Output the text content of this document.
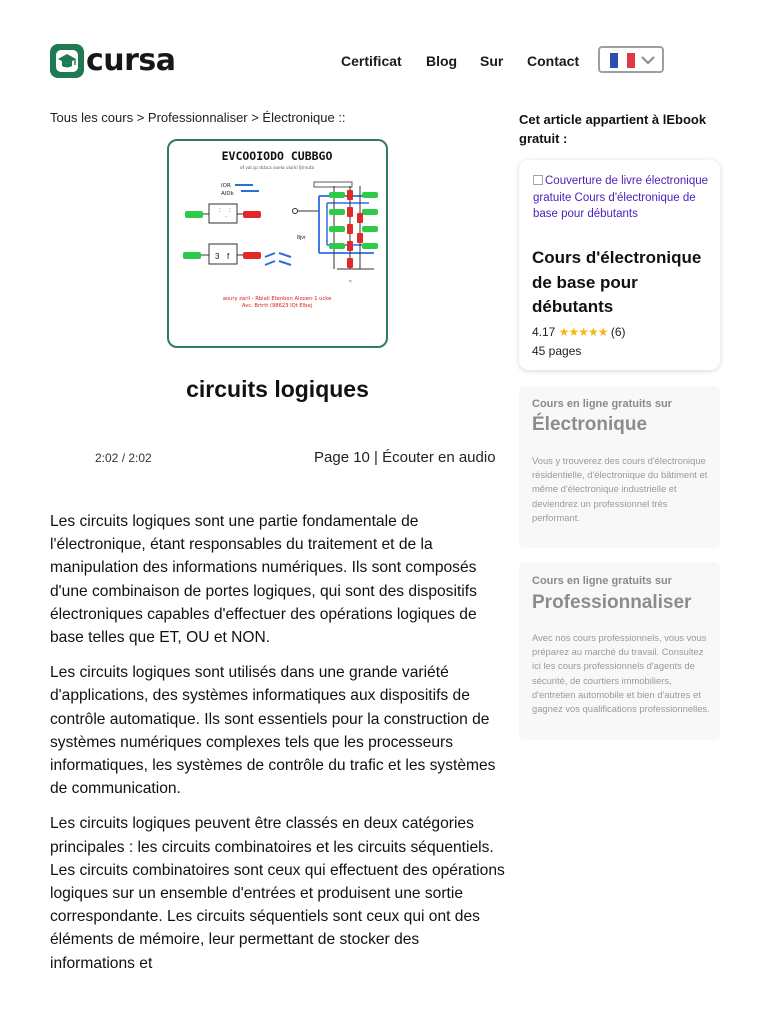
cursa	Certificat Blog Sur Contact
Tous les cours > Professionnaliser > Électronique ::
EVCOOIODO CUBBGO
of val.cp dcbca ouela ulurki Ijtrvuta
IOR
AIDk
:
·
:
3 f
8jvr
≈
aoury zaril - Rbiali Etenbon Alooen-1 ucke
Avc. Brtrtt (98623 IQt Elbej
circuits logiques
2:02 / 2:02	Page 10 | Écouter en audio

Les circuits logiques sont une partie fondamentale de l'électronique, étant responsables du traitement et de la manipulation des informations numériques. Ils sont composés d'une combinaison de portes logiques, qui sont des dispositifs électroniques capables d'effectuer des opérations logiques de base telles que ET, OU et NON.

Les circuits logiques sont utilisés dans une grande variété d'applications, des systèmes informatiques aux dispositifs de contrôle automatique. Ils sont essentiels pour la construction de systèmes numériques complexes tels que les processeurs informatiques, les systèmes de contrôle du trafic et les systèmes de communication.

Les circuits logiques peuvent être classés en deux catégories principales : les circuits combinatoires et les circuits séquentiels. Les circuits combinatoires sont ceux qui effectuent des opérations logiques sur un ensemble d'entrées et produisent une sortie correspondante. Les circuits séquentiels sont ceux qui ont des éléments de mémoire, leur permettant de stocker des informations et

Cet article appartient à lEbook gratuit :
Couverture de livre électronique gratuite Cours d'électronique de base pour débutants
Cours d'électronique de base pour débutants
4.17 ★★★★★ (6)
45 pages
Cours en ligne gratuits sur
Électronique
Vous y trouverez des cours d'électronique résidentielle, d'électronique du bâtiment et même d'électronique industrielle et deviendrez un professionnel très performant.
Cours en ligne gratuits sur
Professionnaliser
Avec nos cours professionnels, vous vous préparez au marché du travail. Consultez ici les cours professionnels d'agents de sécurité, de courtiers immobiliers, d'entretien automobile et bien d'autres et gagnez vos qualifications professionnelles.
